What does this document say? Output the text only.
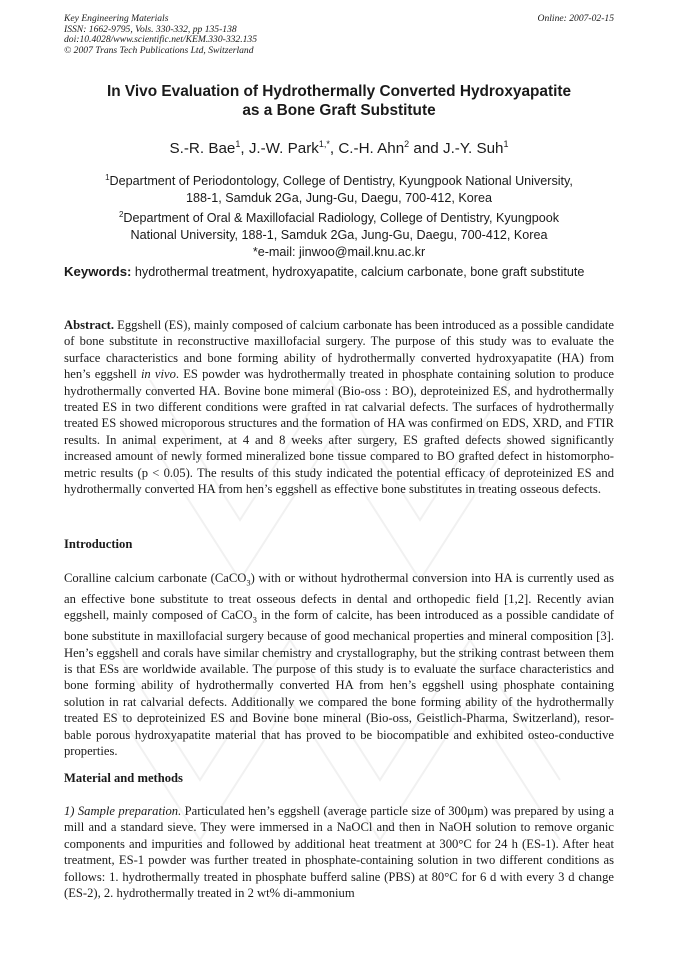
Key Engineering Materials
ISSN: 1662-9795, Vols. 330-332, pp 135-138
doi:10.4028/www.scientific.net/KEM.330-332.135
© 2007 Trans Tech Publications Ltd, Switzerland
Online: 2007-02-15
In Vivo Evaluation of Hydrothermally Converted Hydroxyapatite
as a Bone Graft Substitute
S.-R. Bae$^1$, J.-W. Park$^{1,*}$, C.-H. Ahn$^2$ and J.-Y. Suh$^1$
$^1$Department of Periodontology, College of Dentistry, Kyungpook National University,
188-1, Samduk 2Ga, Jung-Gu, Daegu, 700-412, Korea
$^2$Department of Oral & Maxillofacial Radiology, College of Dentistry, Kyungpook
National University, 188-1, Samduk 2Ga, Jung-Gu, Daegu, 700-412, Korea
*e-mail: jinwoo@mail.knu.ac.kr
Keywords: hydrothermal treatment, hydroxyapatite, calcium carbonate, bone graft substitute
Abstract. Eggshell (ES), mainly composed of calcium carbonate has been introduced as a possible candidate of bone substitute in reconstructive maxillofacial surgery. The purpose of this study was to evaluate the surface characteristics and bone forming ability of hydrothermally converted hydroxyapatite (HA) from hen’s eggshell in vivo. ES powder was hydrothermally treated in phosphate containing solution to produce hydrothermally converted HA. Bovine bone mimeral (Bio-oss : BO), deproteinized ES, and hydrothermally treated ES in two different conditions were grafted in rat calvarial defects. The surfaces of hydrothermally treated ES showed microporous structures and the formation of HA was confirmed on EDS, XRD, and FTIR results. In animal experiment, at 4 and 8 weeks after surgery, ES grafted defects showed significantly increased amount of newly formed mineralized bone tissue compared to BO grafted defect in histomorpho-metric results (p < 0.05). The results of this study indicated the potential efficacy of deproteinized ES and hydrothermally converted HA from hen’s eggshell as effective bone substitutes in treating osseous defects.
Introduction
Coralline calcium carbonate (CaCO$_3$) with or without hydrothermal conversion into HA is currently used as an effective bone substitute to treat osseous defects in dental and orthopedic field [1,2]. Recently avian eggshell, mainly composed of CaCO$_3$ in the form of calcite, has been introduced as a possible candidate of bone substitute in maxillofacial surgery because of good mechanical properties and mineral composition [3]. Hen’s eggshell and corals have similar chemistry and crystallography, but the striking contrast between them is that ESs are worldwide available. The purpose of this study is to evaluate the surface characteristics and bone forming ability of hydrothermally converted HA from hen’s eggshell using phosphate containing solution in rat calvarial defects. Additionally we compared the bone forming ability of the hydrothermally treated ES to deproteinized ES and Bovine bone mineral (Bio-oss, Geistlich-Pharma, Switzerland), resor-bable porous hydroxyapatite material that has proved to be biocompatible and exhibited osteo-conductive properties.
Material and methods
1) Sample preparation. Particulated hen’s eggshell (average particle size of 300μm) was prepared by using a mill and a standard sieve. They were immersed in a NaOCl and then in NaOH solution to remove organic components and impurities and followed by additional heat treatment at 300°C for 24 h (ES-1). After heat treatment, ES-1 powder was further treated in phosphate-containing solution in two different conditions as follows: 1. hydrothermally treated in phosphate bufferd saline (PBS) at 80°C for 6 d with every 3 d change (ES-2), 2. hydrothermally treated in 2 wt% di-ammonium
